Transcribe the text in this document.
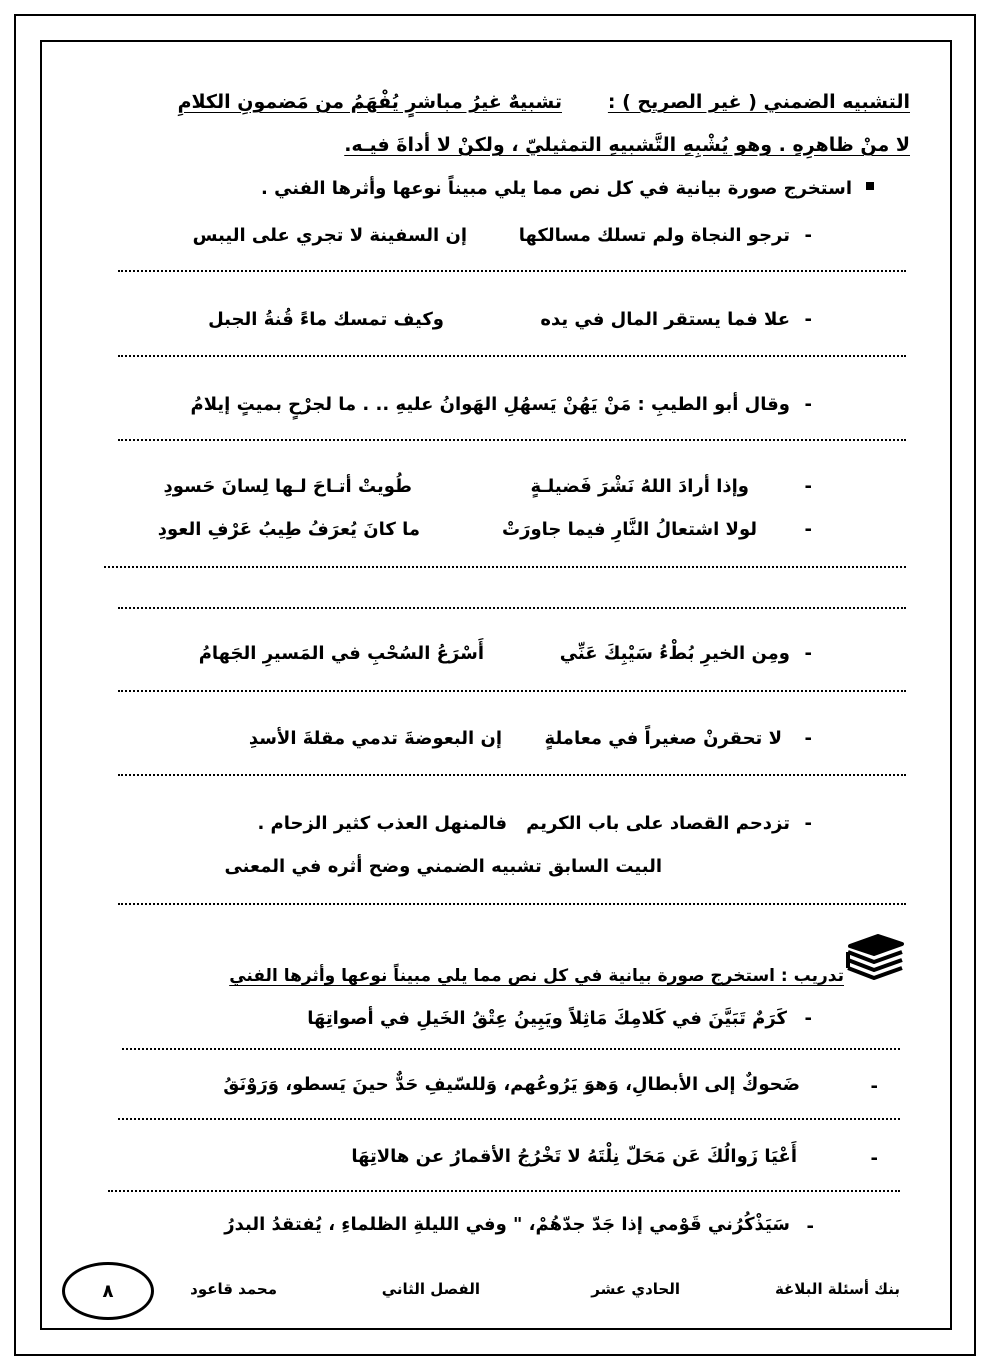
التشبيه الضمني ( غير الصريح ) :
تشبيهٌ غيرُ مباشرٍ يُفْهَمُ من مَضمونِ الكلامِ
لا منْ ظاهرِهِ . وهو يُشْبِهِ التَّشبيهِ التمثيليّ ، ولكنْ لا أداةَ فيـه.
استخرج صورة بيانية في كل نص مما يلي مبيناً نوعها وأثرها الفني .
-
ترجو النجاة ولم تسلك مسالكها
إن السفينة لا تجري على اليبس
-
علا فما يستقر المال في يده
وكيف تمسك ماءً قُنةُ الجبل
-
وقال أبو الطيبِ : مَنْ يَهُنْ يَسهُلِ الهَوانُ عليهِ .. . ما لجرْحٍ بميتٍ إيلامُ
-
وإذا أرادَ اللهُ نَشْرَ فَضيلـةٍ
طُويتْ أتـاحَ لـها لِسانَ حَسودِ
-
لولا اشتعالُ النَّارِ فيما جاورَتْ
ما كانَ يُعرَفُ طِيبُ عَرْفِ العودِ
-
ومِن الخيرِ بُطْءُ سَيْبِكَ عَنِّي
أَسْرَعُ السُحْبِ في المَسيرِ الجَهامُ
-
لا تحقرنْ صغيراً في معاملةٍ
إن البعوضةَ تدمي مقلةَ الأسدِ
-
تزدحم القصاد على باب الكريم
فالمنهل العذب كثير الزحام .
البيت السابق تشبيه الضمني وضح أثره في المعنى
تدريب : استخرج صورة بيانية في كل نص مما يلي مبيناً نوعها وأثرها الفني
-
كَرَمٌ تَبَيَّنَ في كَلامِكَ مَاثِلاً ويَبِينُ عِتْقُ الخَيلِ في أصواتِهَا
-
ضَحوكٌ إلى الأبطالِ، وَهوَ يَرُوعُهم، وَللسّيفِ حَدٌّ حينَ يَسطو، وَرَوْنَقُ
-
أَعْيَا زَوالُكَ عَن مَحَلّ نِلْتَهُ لا تَخْرُجُ الأقمارُ عن هالاتِهَا
-
سَيَذْكُرُني قَوْمي إذا جَدّ جدّهُمْ، " وفي الليلةِ الظلماءِ ، يُفتقدُ البدرُ
بنك أسئلة البلاغة
الحادي عشر
الفصل الثاني
محمد قاعود
٨
